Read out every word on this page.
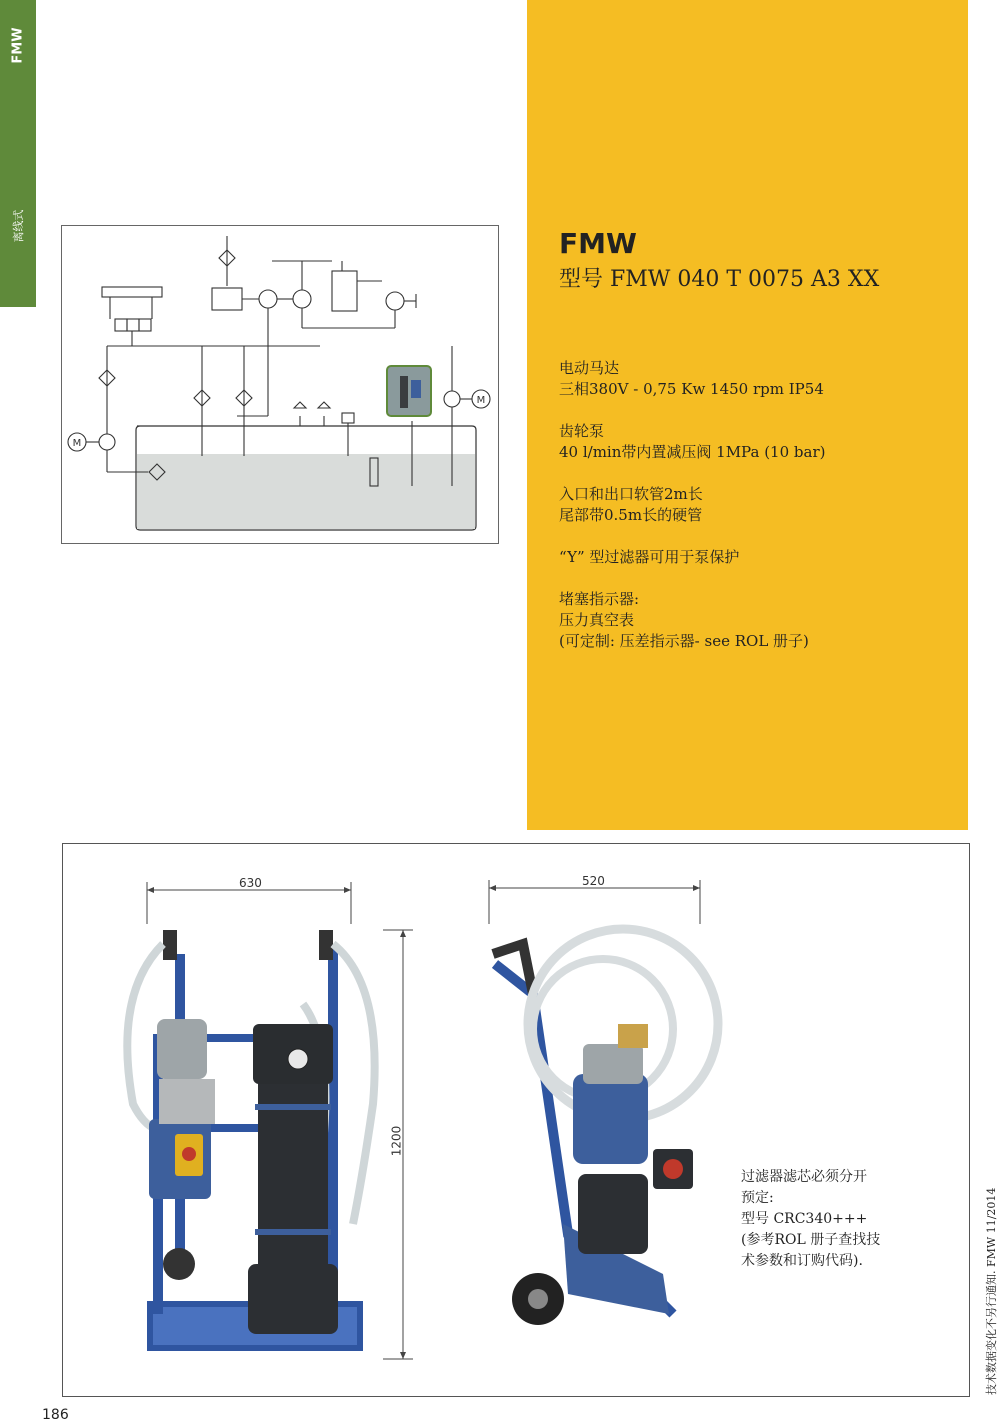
FMW
离线式
M
M
FMW
型号 FMW 040 T 0075 A3 XX
电动马达
三相380V - 0,75 Kw 1450 rpm IP54
齿轮泵
40 l/min带内置减压阀 1MPa (10 bar)
入口和出口软管2m长
尾部带0.5m长的硬管
“Y” 型过滤器可用于泵保护
堵塞指示器:
压力真空表
(可定制: 压差指示器- see ROL 册子)
630	520
1200
过滤器滤芯必须分开
预定:
型号 CRC340+++
(参考ROL 册子查找技
术参数和订购代码).	技术数据变化不另行通知. FMW 11/2014
186
